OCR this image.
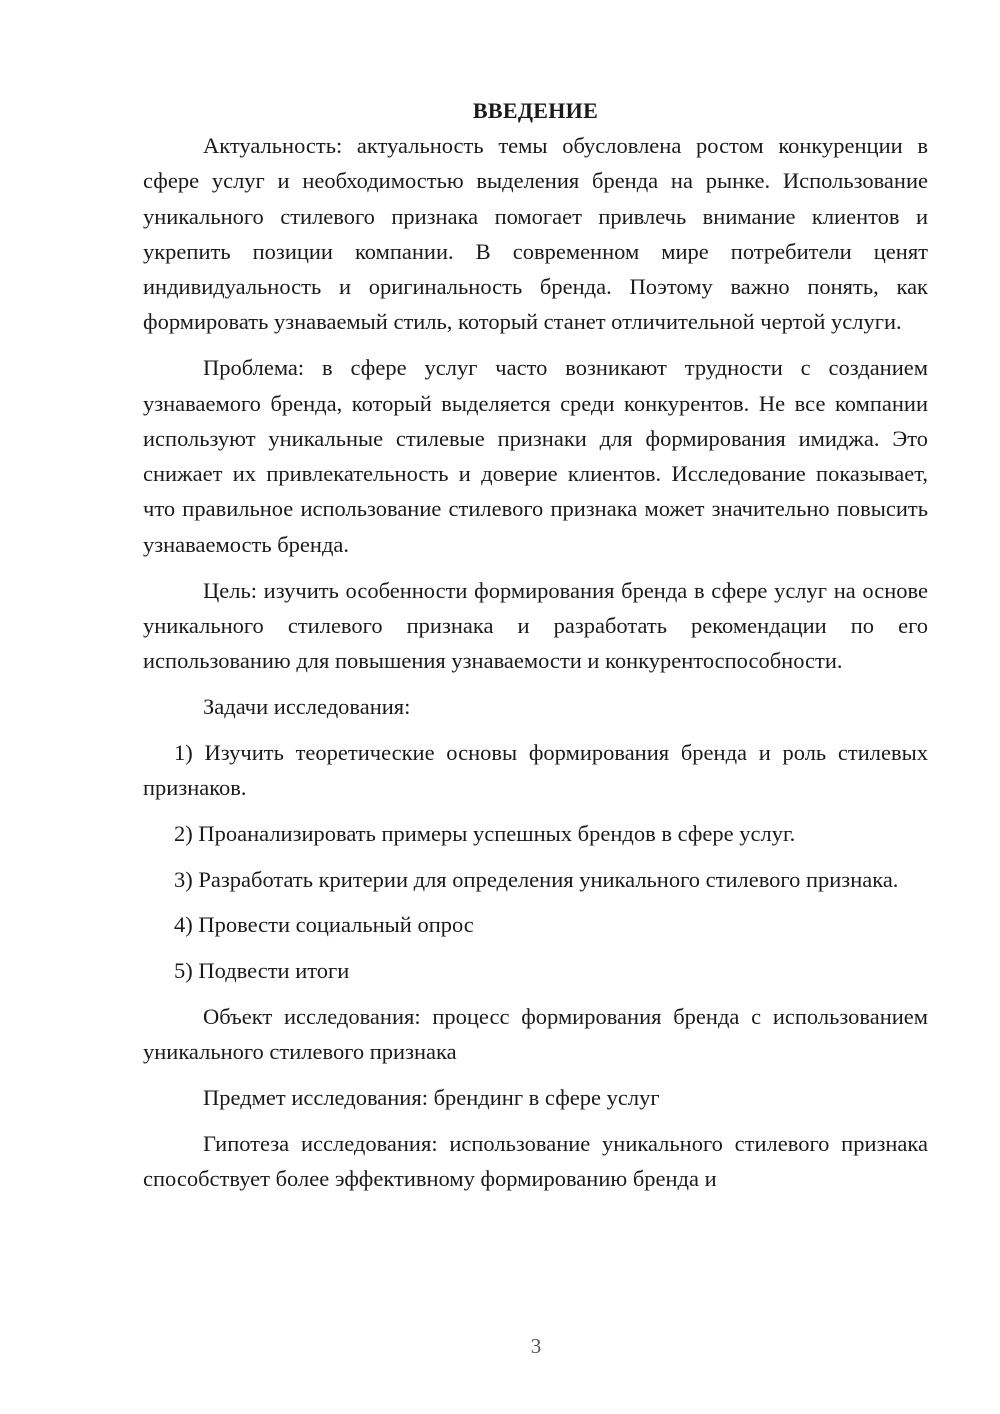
ВВЕДЕНИЕ

Актуальность: актуальность темы обусловлена ростом конкуренции в сфере услуг и необходимостью выделения бренда на рынке. Использование уникального стилевого признака помогает привлечь внимание клиентов и укрепить позиции компании. В современном мире потребители ценят индивидуальность и оригинальность бренда. Поэтому важно понять, как формировать узнаваемый стиль, который станет отличительной чертой услуги.

Проблема: в сфере услуг часто возникают трудности с созданием узнаваемого бренда, который выделяется среди конкурентов. Не все компании используют уникальные стилевые признаки для формирования имиджа. Это снижает их привлекательность и доверие клиентов. Исследование показывает, что правильное использование стилевого признака может значительно повысить узнаваемость бренда.

Цель: изучить особенности формирования бренда в сфере услуг на основе уникального стилевого признака и разработать рекомендации по его использованию для повышения узнаваемости и конкурентоспособности.

Задачи исследования:

1) Изучить теоретические основы формирования бренда и роль стилевых признаков.

2) Проанализировать примеры успешных брендов в сфере услуг.

3) Разработать критерии для определения уникального стилевого признака.

4) Провести социальный опрос

5) Подвести итоги

Объект исследования: процесс формирования бренда с использованием уникального стилевого признака

Предмет исследования: брендинг в сфере услуг

Гипотеза исследования: использование уникального стилевого признака способствует более эффективному формированию бренда и

3
